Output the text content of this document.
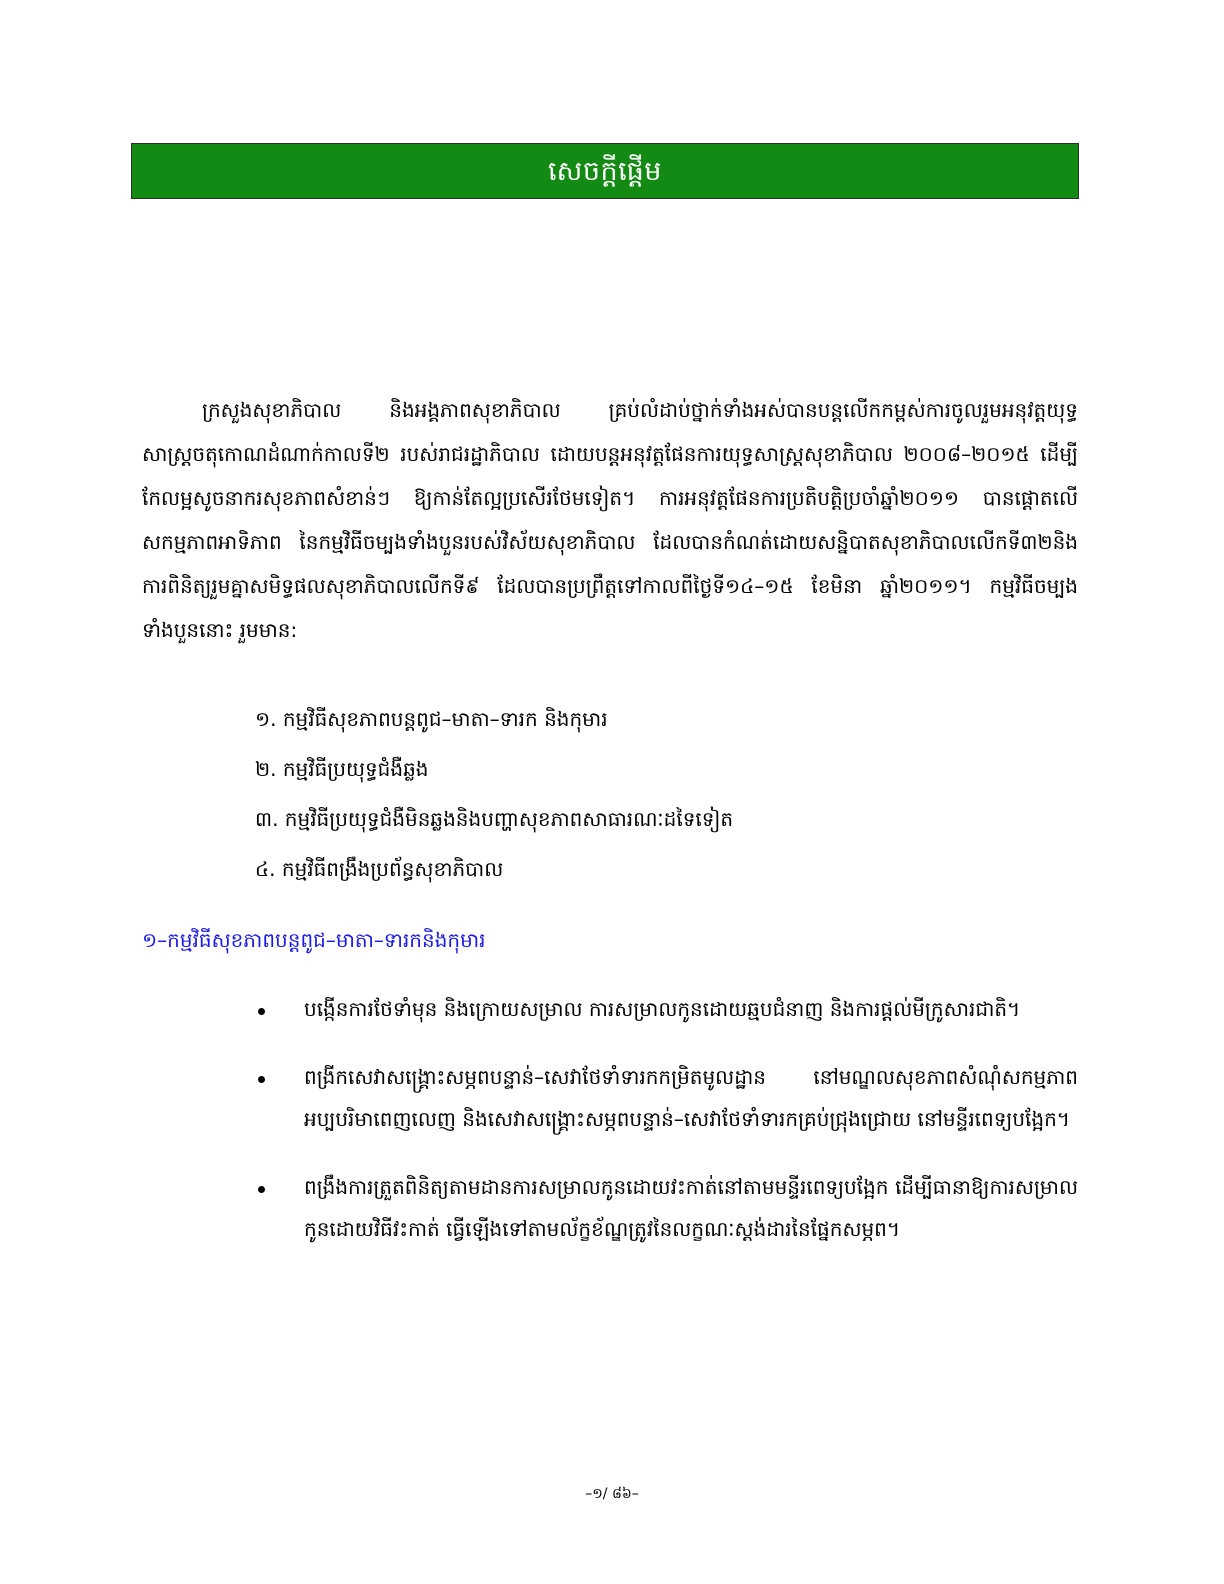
សេចក្តីផ្តើម

ក្រសួងសុខាភិបាល និងអង្គភាពសុខាភិបាល គ្រប់លំដាប់ថ្នាក់ទាំងអស់បានបន្តលើកកម្ពស់ការចូលរួមអនុវត្តយុទ្ធសាស្ត្រចតុកោណដំណាក់កាលទី២ របស់រាជរដ្ឋាភិបាល ដោយបន្តអនុវត្តផែនការយុទ្ធសាស្ត្រសុខាភិបាល ២០០៨–២០១៥ ដើម្បីកែលម្អសូចនាករសុខភាពសំខាន់ៗ ឱ្យកាន់តែល្អប្រសើរថែមទៀត។ ការអនុវត្តផែនការប្រតិបត្តិប្រចាំឆ្នាំ២០១១ បានផ្តោតលើសកម្មភាពអាទិភាព នៃកម្មវិធីចម្បងទាំងបួនរបស់វិស័យសុខាភិបាល ដែលបានកំណត់ដោយសន្និបាតសុខាភិបាលលើកទី៣២និងការពិនិត្យរួមគ្នាសមិទ្ធផលសុខាភិបាលលើកទី៩ ដែលបានប្រព្រឹត្តទៅកាលពីថ្ងៃទី១៤–១៥ ខែមិនា ឆ្នាំ២០១១។ កម្មវិធីចម្បងទាំងបួននោះ រួមមាន:

១. កម្មវិធីសុខភាពបន្តពូជ–មាតា–ទារក និងកុមារ
២. កម្មវិធីប្រយុទ្ធជំងឺឆ្លង
៣. កម្មវិធីប្រយុទ្ធជំងឺមិនឆ្លងនិងបញ្ហាសុខភាពសាធារណៈដទៃទៀត
៤. កម្មវិធីពង្រឹងប្រព័ន្ធសុខាភិបាល
១–កម្មវិធីសុខភាពបន្តពូជ–មាតា–ទារកនិងកុមារ
បង្កើនការថែទាំមុន និងក្រោយសម្រាល ការសម្រាលកូនដោយឆ្មបជំនាញ និងការផ្តល់មីក្រូសារជាតិ។
ពង្រីកសេវាសង្គ្រោះសម្ភពបន្ទាន់–សេវាថែទាំទារកកម្រិតមូលដ្ឋាន នៅមណ្ឌលសុខភាពសំណុំសកម្មភាពអប្បបរិមាពេញលេញ និងសេវាសង្គ្រោះសម្ភពបន្ទាន់–សេវាថែទាំទារកគ្រប់ជ្រុងជ្រោយ នៅមន្ទីរពេទ្យបង្អែក។
ពង្រឹងការត្រួតពិនិត្យតាមដានការសម្រាលកូនដោយវះកាត់នៅតាមមន្ទីរពេទ្យបង្អែក ដើម្បីធានាឱ្យការសម្រាលកូនដោយវិធីវះកាត់ ធ្វើឡើងទៅតាមល័ក្ខខ័ណ្ឌត្រូវនៃលក្ខណៈស្តង់ដារនៃផ្នែកសម្ភព។
–១/ ៨៦–
